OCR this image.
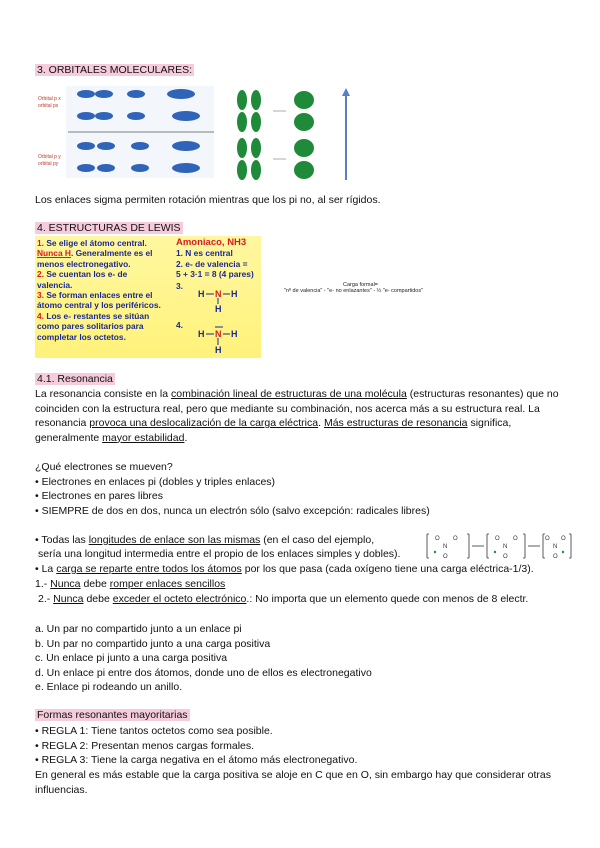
3. ORBITALES MOLECULARES:
Orbital p x
orbital px
Orbital p y
orbital py
Los enlaces sigma permiten rotación mientras que los pi no, al ser rígidos.
4. ESTRUCTURAS DE LEWIS
1. Se elige el átomo central. Nunca H. Generalmente es el menos electronegativo.
2. Se cuentan los e- de valencia.
3. Se forman enlaces entre el átomo central y los periféricos.
4. Los e- restantes se sitúan como pares solitarios para completar los octetos.
Amoniaco, NH3
1. N es central
2. e- de valencia =
5 + 3·1 = 8 (4 pares)
3.
4.
H N H
H
H N H
H
Carga formal=
"nº de valencia" - "e- no enlazantes" - ½ "e- compartidos"
4.1. Resonancia
La resonancia consiste en la combinación lineal de estructuras de una molécula (estructuras resonantes) que no coinciden con la estructura real, pero que mediante su combinación, nos acerca más a su estructura real. La resonancia provoca una deslocalización de la carga eléctrica. Más estructuras de resonancia significa, generalmente mayor estabilidad.
¿Qué electrones se mueven?
• Electrones en enlaces pi (dobles y triples enlaces)
• Electrones en pares libres
• SIEMPRE de dos en dos, nunca un electrón sólo (salvo excepción: radicales libres)
• Todas las longitudes de enlace son las mismas (en el caso del ejemplo,
sería una longitud intermedia entre el propio de los enlaces simples y dobles).
N
O O
O
N
O O
O
N
O O
O
• La carga se reparte entre todos los átomos por los que pasa (cada oxígeno tiene una carga eléctrica-1/3).
1.- Nunca debe romper enlaces sencillos
2.- Nunca debe exceder el octeto electrónico.: No importa que un elemento quede con menos de 8 electr.
a. Un par no compartido junto a un enlace pi
b. Un par no compartido junto a una carga positiva
c. Un enlace pi junto a una carga positiva
d. Un enlace pi entre dos átomos, donde uno de ellos es electronegativo
e. Enlace pi rodeando un anillo.
Formas resonantes mayoritarias
• REGLA 1: Tiene tantos octetos como sea posible.
• REGLA 2: Presentan menos cargas formales.
• REGLA 3: Tiene la carga negativa en el átomo más electronegativo.
En general es más estable que la carga positiva se aloje en C que en O, sin embargo hay que considerar otras influencias.
